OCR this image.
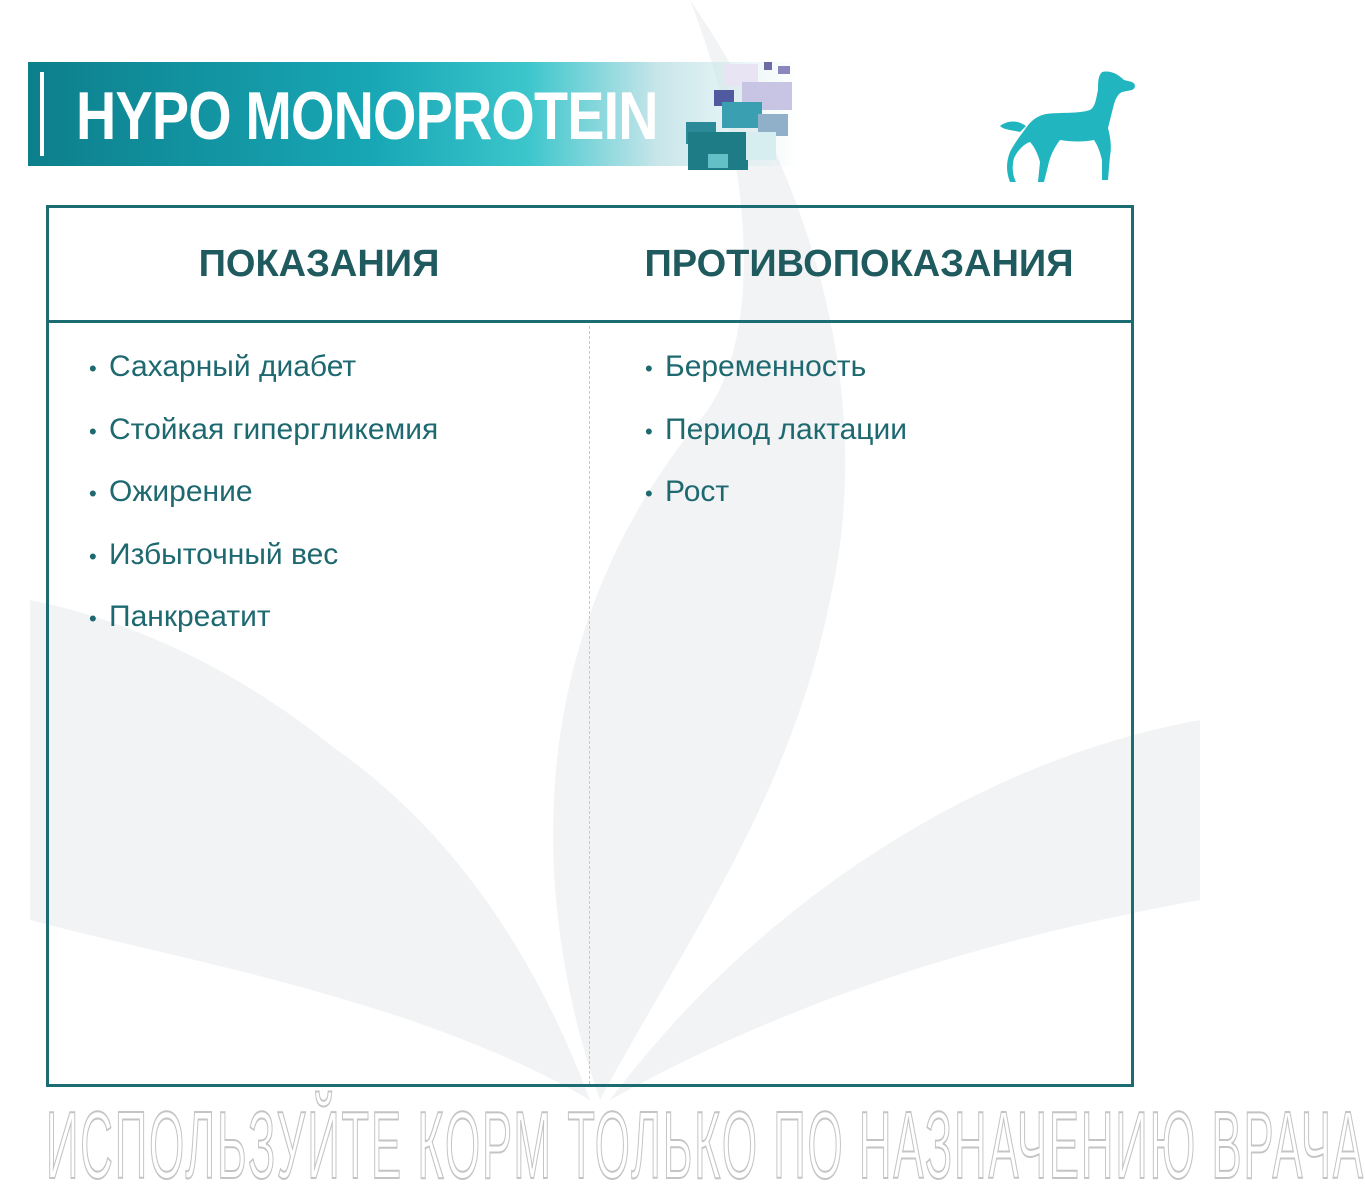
HYPO MONOPROTEIN
ПОКАЗАНИЯ	ПРОТИВОПОКАЗАНИЯ
• Сахарный диабет
• Стойкая гипергликемия
• Ожирение
• Избыточный вес
• Панкреатит
• Беременность
• Период лактации
• Рост
ИСПОЛЬЗУЙТЕ КОРМ ТОЛЬКО ПО НАЗНАЧЕНИЮ ВРАЧА
